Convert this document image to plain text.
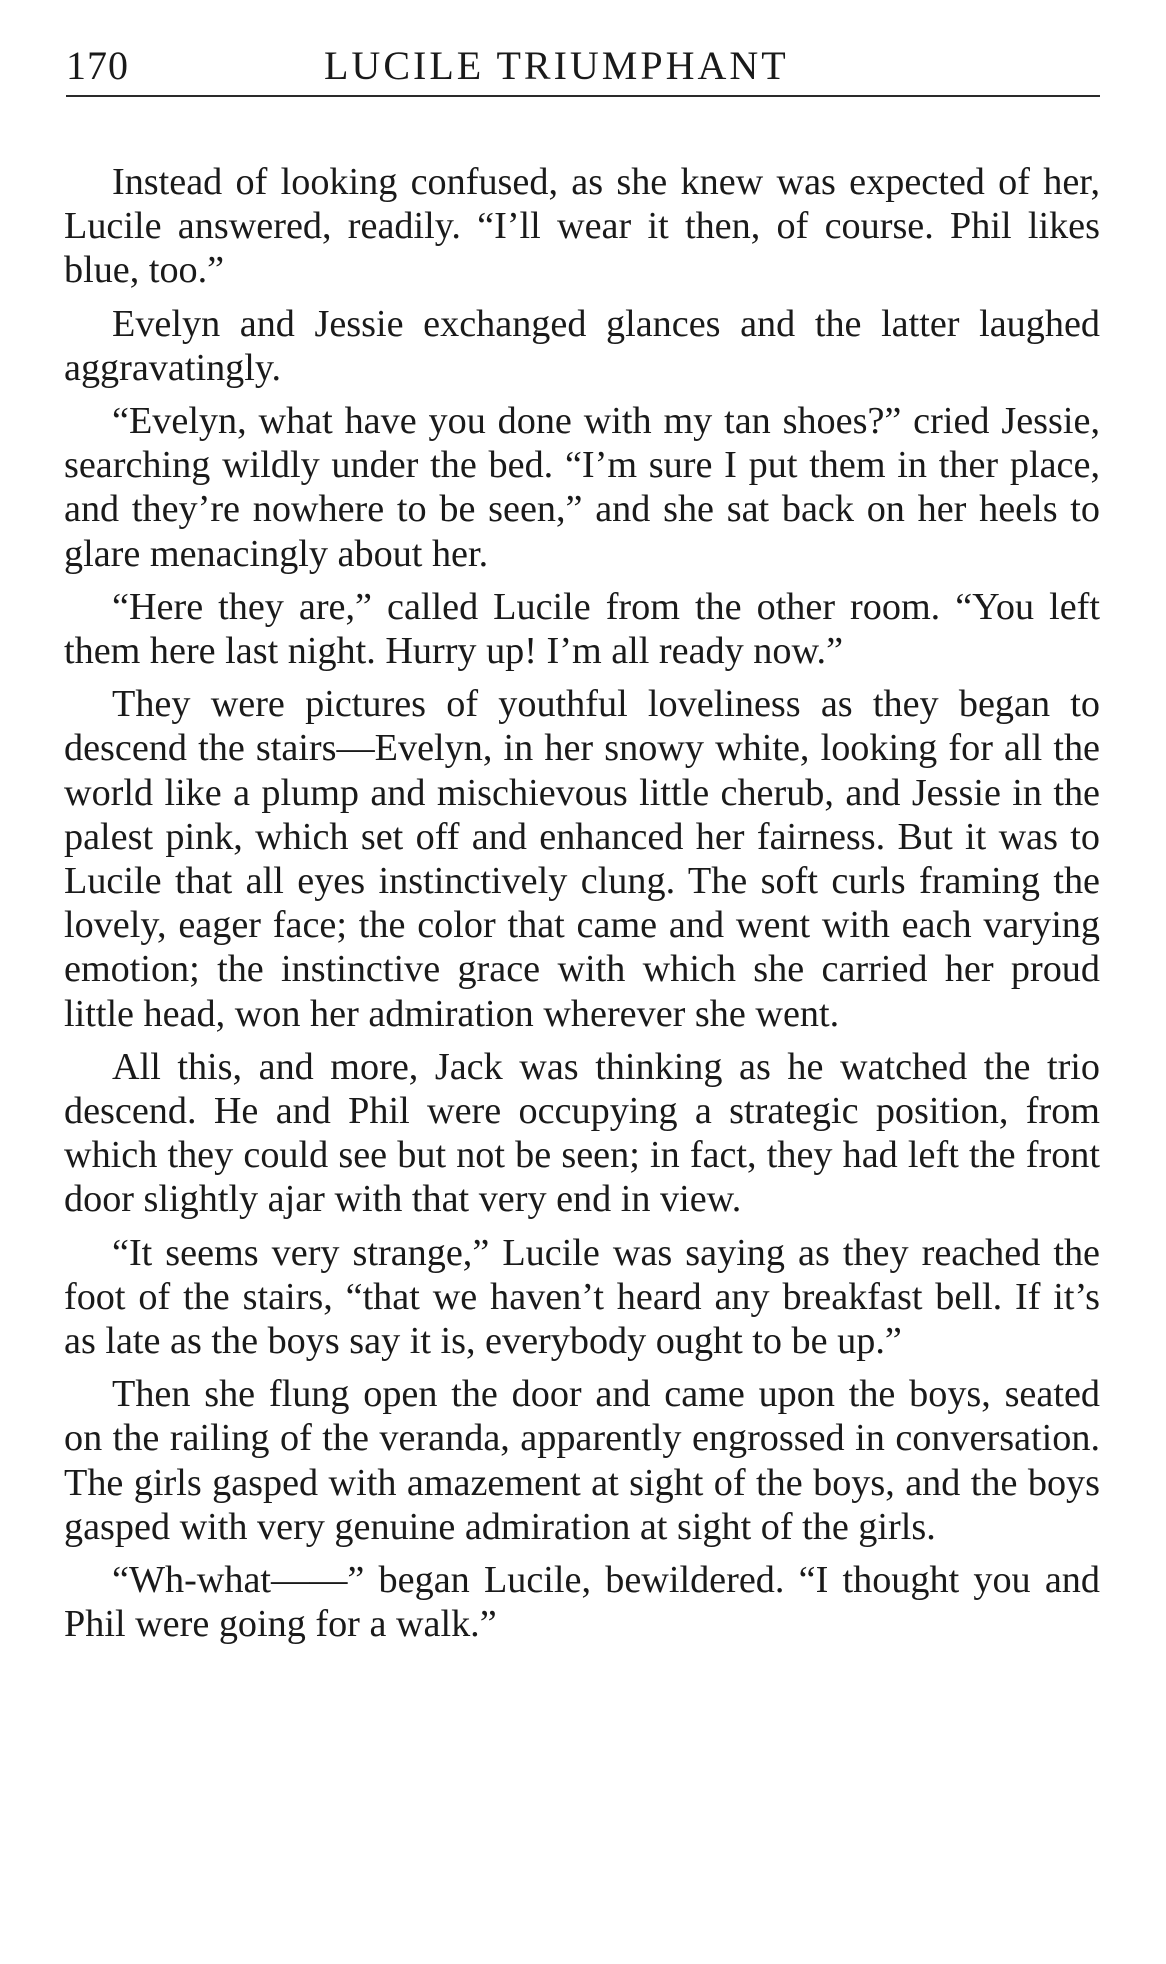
170	LUCILE TRIUMPHANT

Instead of looking confused, as she knew was expected of her, Lucile answered, readily. “I’ll wear it then, of course. Phil likes blue, too.”

Evelyn and Jessie exchanged glances and the latter laughed aggravatingly.

“Evelyn, what have you done with my tan shoes?” cried Jessie, searching wildly under the bed. “I’m sure I put them in ther place, and they’re nowhere to be seen,” and she sat back on her heels to glare menacingly about her.

“Here they are,” called Lucile from the other room. “You left them here last night. Hurry up! I’m all ready now.”

They were pictures of youthful loveliness as they began to descend the stairs—Evelyn, in her snowy white, looking for all the world like a plump and mischievous little cherub, and Jessie in the palest pink, which set off and enhanced her fairness. But it was to Lucile that all eyes instinctively clung. The soft curls framing the lovely, eager face; the color that came and went with each varying emotion; the instinctive grace with which she carried her proud little head, won her admiration wherever she went.

All this, and more, Jack was thinking as he watched the trio descend. He and Phil were occupying a strategic position, from which they could see but not be seen; in fact, they had left the front door slightly ajar with that very end in view.

“It seems very strange,” Lucile was saying as they reached the foot of the stairs, “that we haven’t heard any breakfast bell. If it’s as late as the boys say it is, everybody ought to be up.”

Then she flung open the door and came upon the boys, seated on the railing of the veranda, apparently engrossed in conversation. The girls gasped with amazement at sight of the boys, and the boys gasped with very genuine admiration at sight of the girls.

“Wh-what——” began Lucile, bewildered. “I thought you and Phil were going for a walk.”
